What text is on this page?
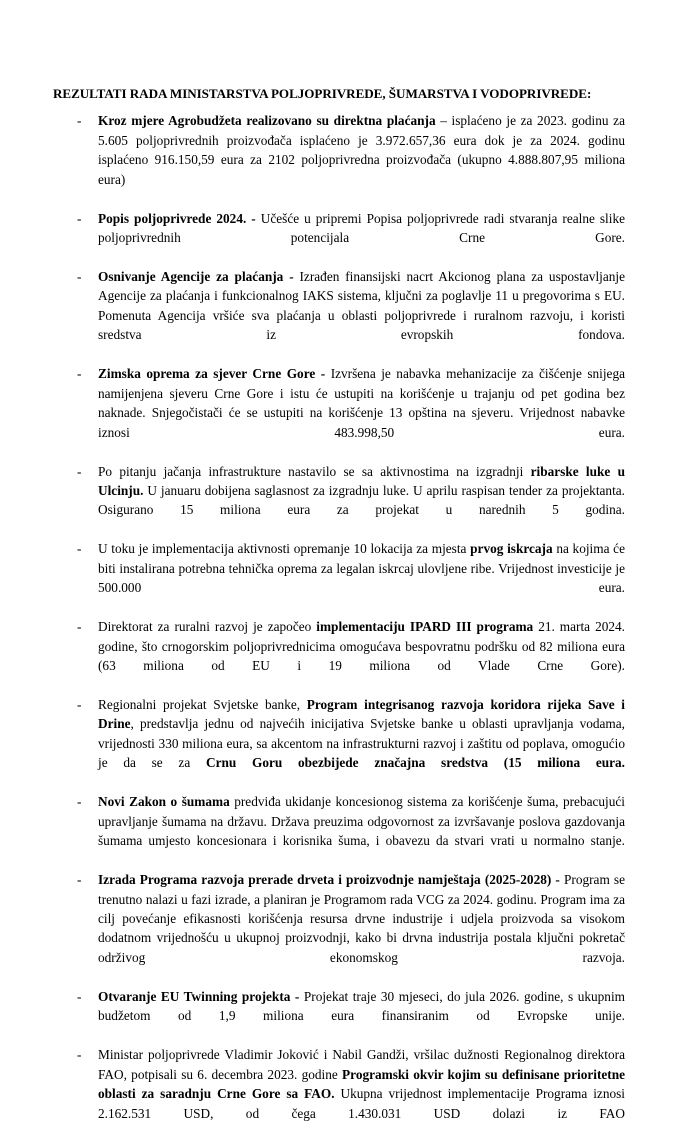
REZULTATI RADA MINISTARSTVA POLJOPRIVREDE, ŠUMARSTVA I VODOPRIVREDE:
- Kroz mjere Agrobudžeta realizovano su direktna plaćanja – isplaćeno je za 2023. godinu za 5.605 poljoprivrednih proizvođača isplaćeno je 3.972.657,36 eura dok je za 2024. godinu isplaćeno 916.150,59 eura za 2102 poljoprivredna proizvođača (ukupno 4.888.807,95 miliona eura)
- Popis poljoprivrede 2024. - Učešće u pripremi Popisa poljoprivrede radi stvaranja realne slike poljoprivrednih potencijala Crne Gore.
- Osnivanje Agencije za plaćanja - Izrađen finansijski nacrt Akcionog plana za uspostavljanje Agencije za plaćanja i funkcionalnog IAKS sistema, ključni za poglavlje 11 u pregovorima s EU. Pomenuta Agencija vršiće sva plaćanja u oblasti poljoprivrede i ruralnom razvoju, i koristi sredstva iz evropskih fondova.
- Zimska oprema za sjever Crne Gore - Izvršena je nabavka mehanizacije za čišćenje snijega namijenjena sjeveru Crne Gore i istu će ustupiti na korišćenje u trajanju od pet godina bez naknade. Snjegočistači će se ustupiti na korišćenje 13 opština na sjeveru. Vrijednost nabavke iznosi 483.998,50 eura.
- Po pitanju jačanja infrastrukture nastavilo se sa aktivnostima na izgradnji ribarske luke u Ulcinju. U januaru dobijena saglasnost za izgradnju luke. U aprilu raspisan tender za projektanta. Osigurano 15 miliona eura za projekat u narednih 5 godina.
- U toku je implementacija aktivnosti opremanje 10 lokacija za mjesta prvog iskrcaja na kojima će biti instalirana potrebna tehnička oprema za legalan iskrcaj ulovljene ribe. Vrijednost investicije je 500.000 eura.
- Direktorat za ruralni razvoj je započeo implementaciju IPARD III programa 21. marta 2024. godine, što crnogorskim poljoprivrednicima omogućava bespovratnu podršku od 82 miliona eura (63 miliona od EU i 19 miliona od Vlade Crne Gore).
- Regionalni projekat Svjetske banke, Program integrisanog razvoja koridora rijeka Save i Drine, predstavlja jednu od najvećih inicijativa Svjetske banke u oblasti upravljanja vodama, vrijednosti 330 miliona eura, sa akcentom na infrastrukturni razvoj i zaštitu od poplava, omogućio je da se za Crnu Goru obezbijede značajna sredstva (15 miliona eura.
- Novi Zakon o šumama predviđa ukidanje koncesionog sistema za korišćenje šuma, prebacujući upravljanje šumama na državu. Država preuzima odgovornost za izvršavanje poslova gazdovanja šumama umjesto koncesionara i korisnika šuma, i obavezu da stvari vrati u normalno stanje.
- Izrada Programa razvoja prerade drveta i proizvodnje namještaja (2025-2028) - Program se trenutno nalazi u fazi izrade, a planiran je Programom rada VCG za 2024. godinu. Program ima za cilj povećanje efikasnosti korišćenja resursa drvne industrije i udjela proizvoda sa visokom dodatnom vrijednošću u ukupnoj proizvodnji, kako bi drvna industrija postala ključni pokretač održivog ekonomskog razvoja.
- Otvaranje EU Twinning projekta - Projekat traje 30 mjeseci, do jula 2026. godine, s ukupnim budžetom od 1,9 miliona eura finansiranim od Evropske unije.
- Ministar poljoprivrede Vladimir Joković i Nabil Gandži, vršilac dužnosti Regionalnog direktora FAO, potpisali su 6. decembra 2023. godine Programski okvir kojim su definisane prioritetne oblasti za saradnju Crne Gore sa FAO. Ukupna vrijednost implementacije Programa iznosi 2.162.531 USD, od čega 1.430.031 USD dolazi iz FAO
